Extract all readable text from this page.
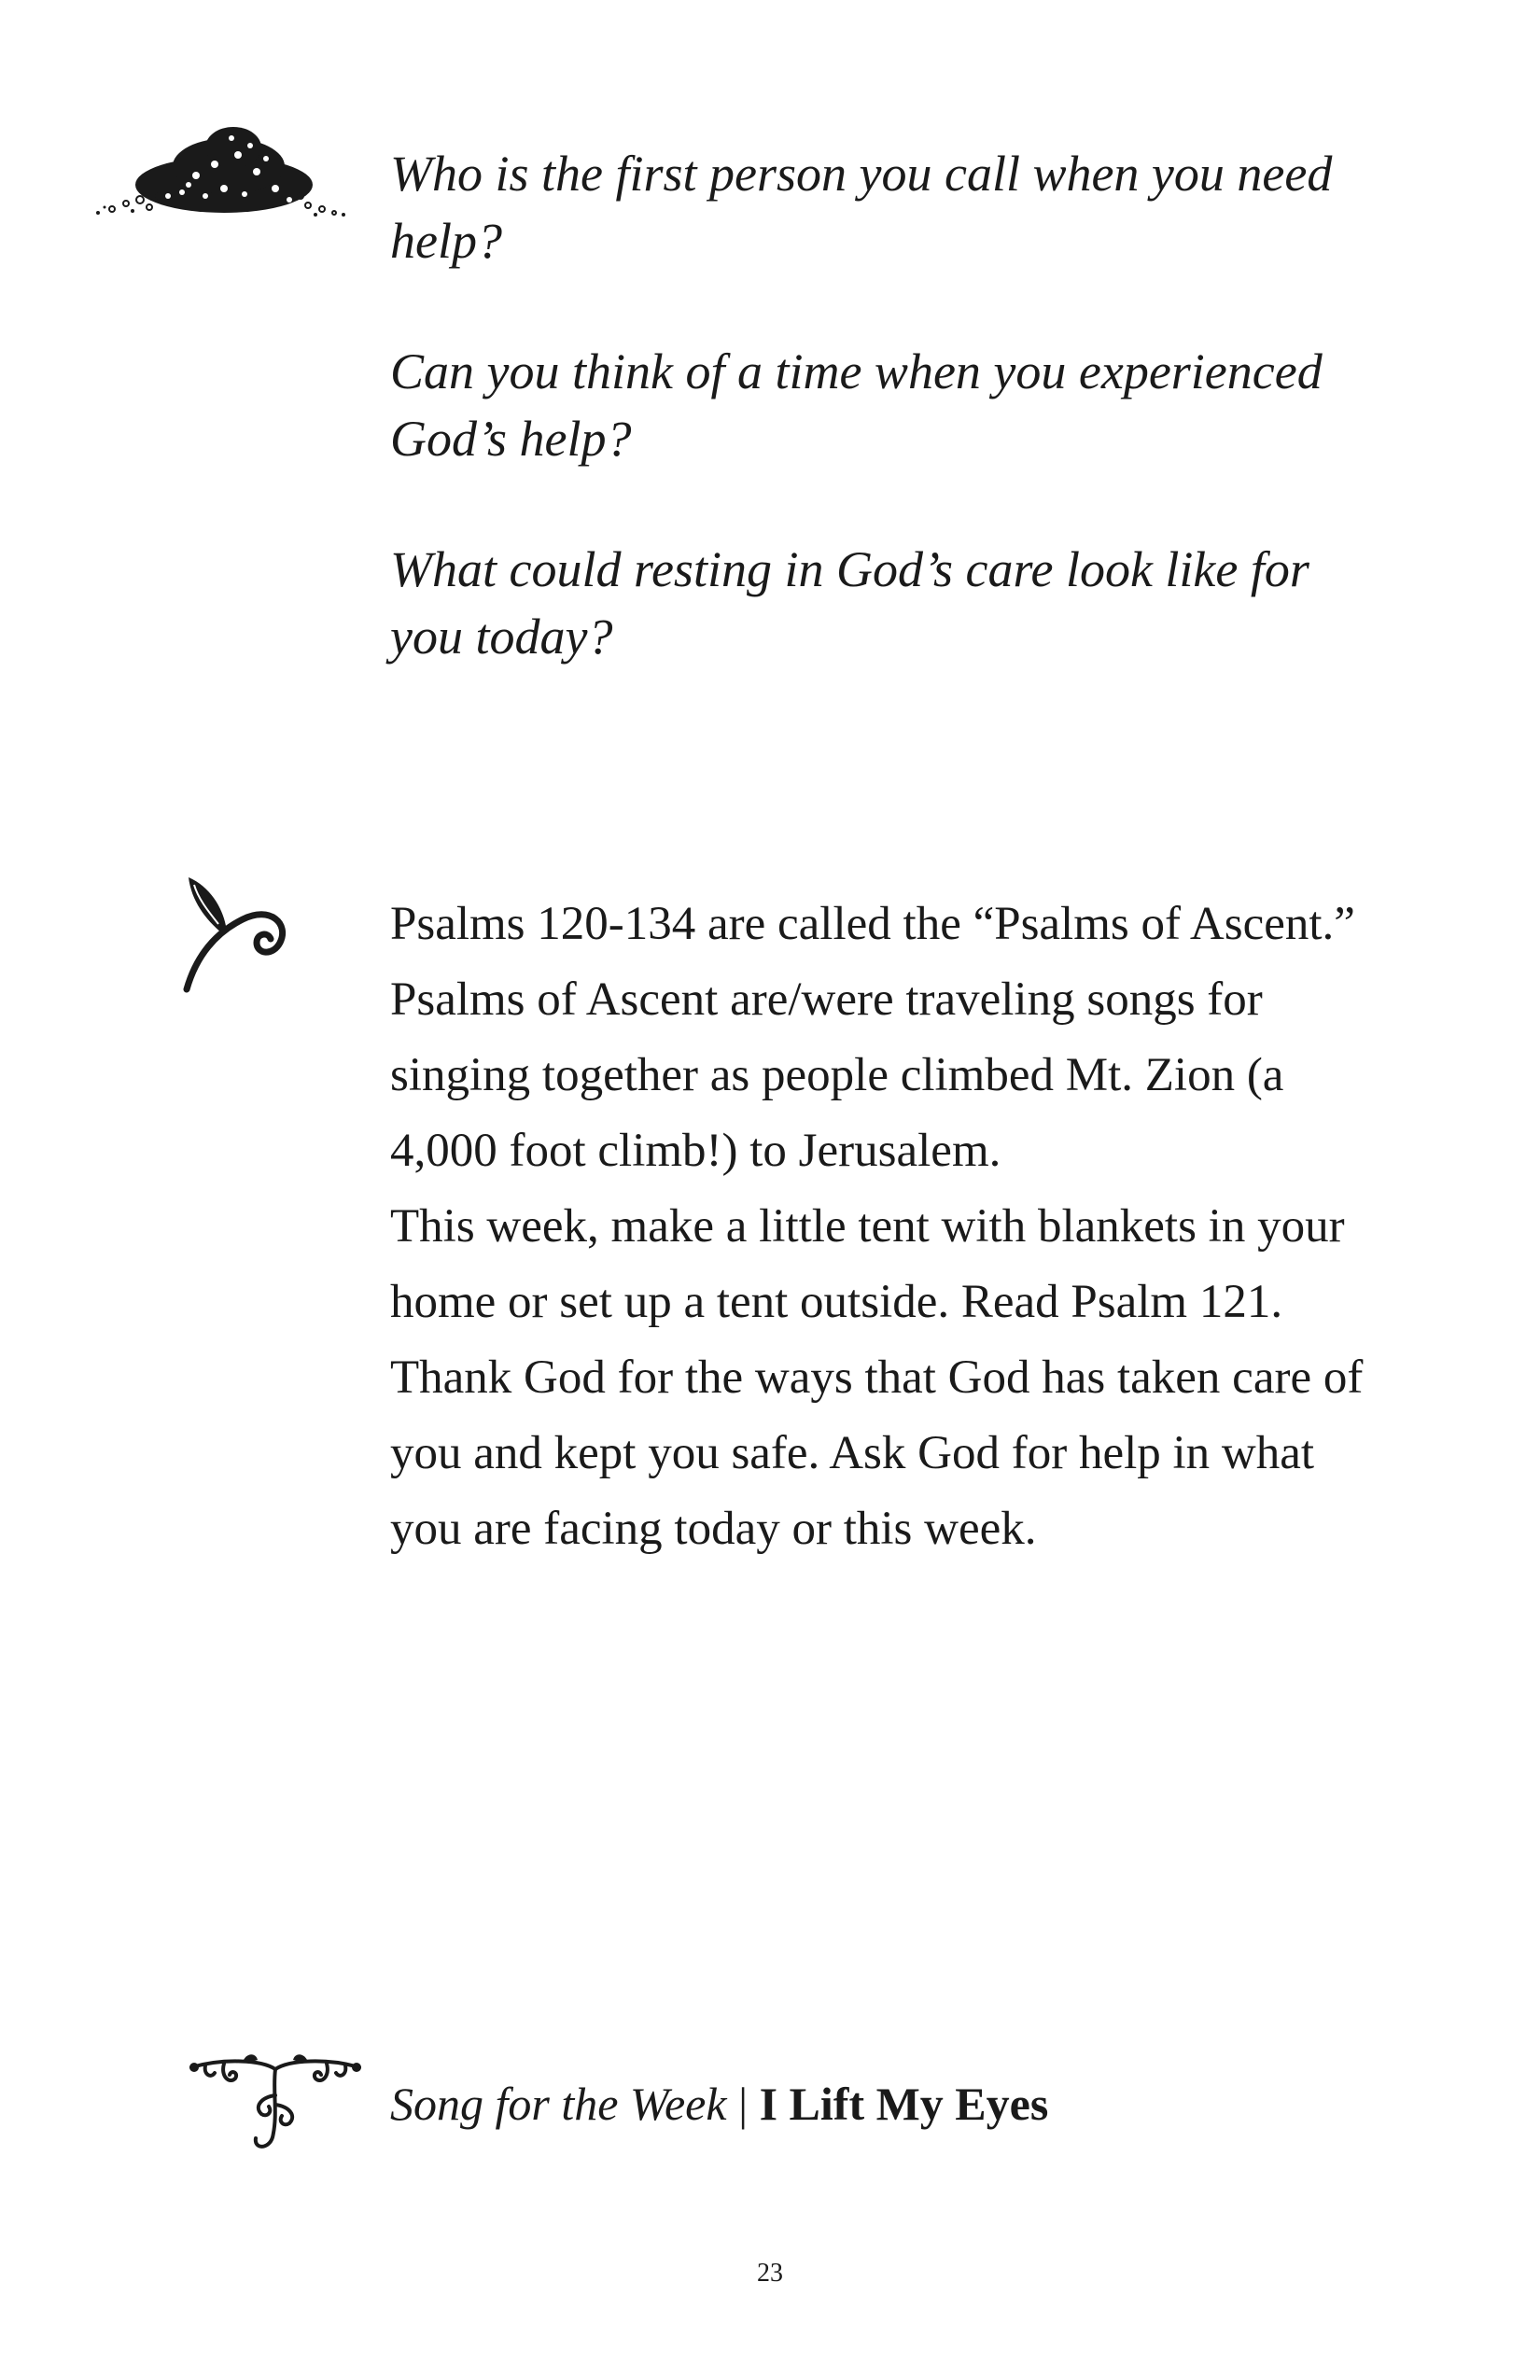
Who is the first person you call when you need help?

Can you think of a time when you experienced God’s help?

What could resting in God’s care look like for you today?

Psalms 120-134 are called the “Psalms of Ascent.” Psalms of Ascent are/were traveling songs for singing together as people climbed Mt. Zion (a 4,000 foot climb!) to Jerusalem.

This week, make a little tent with blankets in your home or set up a tent outside. Read Psalm 121. Thank God for the ways that God has taken care of you and kept you safe. Ask God for help in what you are facing today or this week.

Song for the Week | I Lift My Eyes
23
